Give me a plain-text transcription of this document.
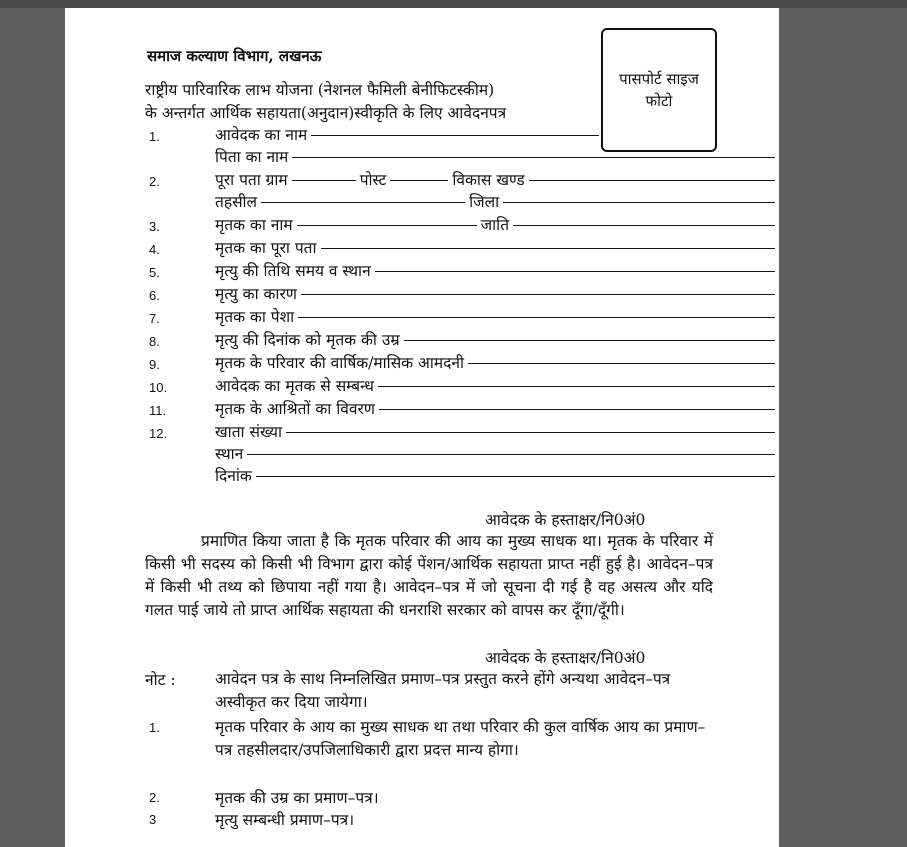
समाज कल्याण विभाग, लखनऊ
राष्ट्रीय पारिवारिक लाभ योजना (नेशनल फैमिली बेनीफिटस्कीम)
के अन्तर्गत आर्थिक सहायता(अनुदान)स्वीकृति के लिए आवेदनपत्र
पासपोर्ट साइज
फोटो
1.	आवेदक का नाम
पिता का नाम
2.	पूरा पता ग्राम	पोस्ट	विकास खण्ड
तहसील	जिला
3.	मृतक का नाम	जाति
4.	मृतक का पूरा पता
5.	मृत्यु की तिथि समय व स्थान
6.	मृत्यु का कारण
7.	मृतक का पेशा
8.	मृत्यु की दिनांक को मृतक की उम्र
9.	मृतक के परिवार की वार्षिक/मासिक आमदनी
10.	आवेदक का मृतक से सम्बन्ध
11.	मृतक के आश्रितों का विवरण
12.	खाता संख्या
स्थान
दिनांक
आवेदक के हस्ताक्षर/नि0अं0
प्रमाणित किया जाता है कि मृतक परिवार की आय का मुख्य साधक था। मृतक के परिवार में किसी भी सदस्य को किसी भी विभाग द्वारा कोई पेंशन/आर्थिक सहायता प्राप्त नहीं हुई है। आवेदन–पत्र में किसी भी तथ्य को छिपाया नहीं गया है। आवेदन–पत्र में जो सूचना दी गई है वह असत्य और यदि गलत पाई जाये तो प्राप्त आर्थिक सहायता की धनराशि सरकार को वापस कर दूँगा/दूँगी।
आवेदक के हस्ताक्षर/नि0अं0
नोट :	आवेदन पत्र के साथ निम्नलिखित प्रमाण–पत्र प्रस्तुत करने होंगे अन्यथा आवेदन–पत्र अस्वीकृत कर दिया जायेगा।
1.	मृतक परिवार के आय का मुख्य साधक था तथा परिवार की कुल वार्षिक आय का प्रमाण–पत्र तहसीलदार/उपजिलाधिकारी द्वारा प्रदत्त मान्य होगा।
2.	मृतक की उम्र का प्रमाण–पत्र।
3	मृत्यु सम्बन्धी प्रमाण–पत्र।
